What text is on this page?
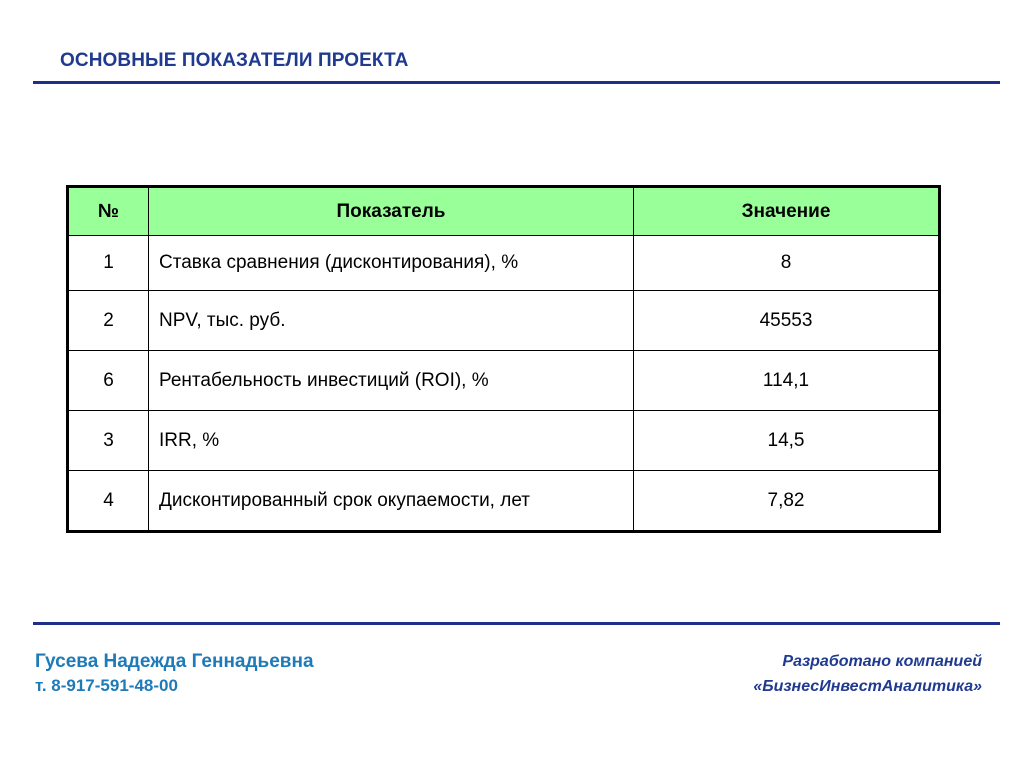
ОСНОВНЫЕ ПОКАЗАТЕЛИ ПРОЕКТА
№	Показатель	Значение
1	Ставка сравнения (дисконтирования), %	8
2	NPV, тыс. руб.	45553
6	Рентабельность инвестиций (ROI), %	114,1
3	IRR, %	14,5
4	Дисконтированный срок окупаемости, лет	7,82
Гусева Надежда Геннадьевна
т. 8-917-591-48-00
Разработано компанией
«БизнесИнвестАналитика»
